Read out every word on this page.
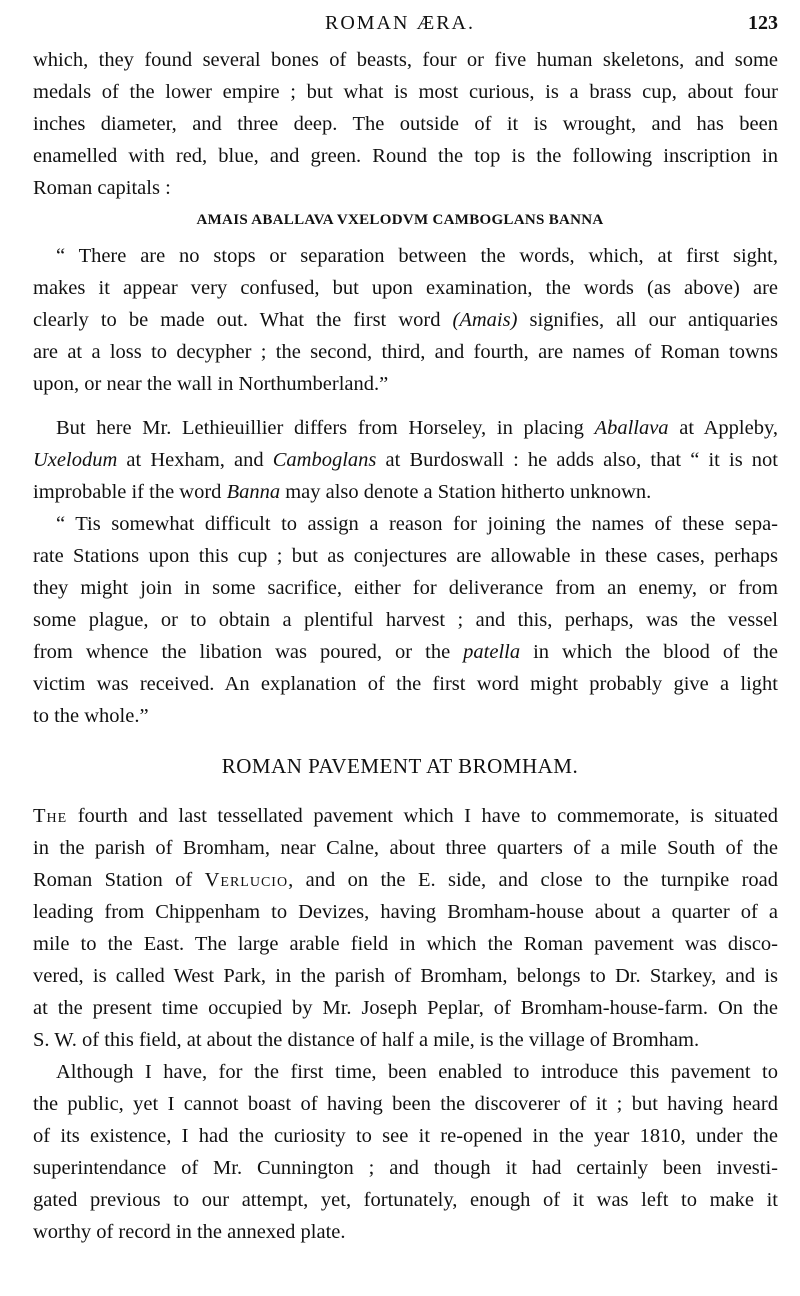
ROMAN ÆRA.	123
which, they found several bones of beasts, four or five human skeletons, and some
medals of the lower empire ; but what is most curious, is a brass cup, about four
inches diameter, and three deep. The outside of it is wrought, and has been
enamelled with red, blue, and green. Round the top is the following inscription in
Roman capitals :
AMAIS ABALLAVA VXELODVM CAMBOGLANS BANNA
“ There are no stops or separation between the words, which, at first sight,
makes it appear very confused, but upon examination, the words (as above) are
clearly to be made out. What the first word (Amais) signifies, all our antiquaries
are at a loss to decypher ; the second, third, and fourth, are names of Roman towns
upon, or near the wall in Northumberland.”
But here Mr. Lethieuillier differs from Horseley, in placing Aballava at Appleby,
Uxelodum at Hexham, and Camboglans at Burdoswall : he adds also, that “ it is not
improbable if the word Banna may also denote a Station hitherto unknown.
“ Tis somewhat difficult to assign a reason for joining the names of these sepa-
rate Stations upon this cup ; but as conjectures are allowable in these cases, perhaps
they might join in some sacrifice, either for deliverance from an enemy, or from
some plague, or to obtain a plentiful harvest ; and this, perhaps, was the vessel
from whence the libation was poured, or the patella in which the blood of the
victim was received. An explanation of the first word might probably give a light
to the whole.”
ROMAN PAVEMENT AT BROMHAM.
The fourth and last tessellated pavement which I have to commemorate, is situated
in the parish of Bromham, near Calne, about three quarters of a mile South of the
Roman Station of Verlucio, and on the E. side, and close to the turnpike road
leading from Chippenham to Devizes, having Bromham-house about a quarter of a
mile to the East. The large arable field in which the Roman pavement was disco-
vered, is called West Park, in the parish of Bromham, belongs to Dr. Starkey, and is
at the present time occupied by Mr. Joseph Peplar, of Bromham-house-farm. On the
S. W. of this field, at about the distance of half a mile, is the village of Bromham.
Although I have, for the first time, been enabled to introduce this pavement to
the public, yet I cannot boast of having been the discoverer of it ; but having heard
of its existence, I had the curiosity to see it re-opened in the year 1810, under the
superintendance of Mr. Cunnington ; and though it had certainly been investi-
gated previous to our attempt, yet, fortunately, enough of it was left to make it
worthy of record in the annexed plate.
